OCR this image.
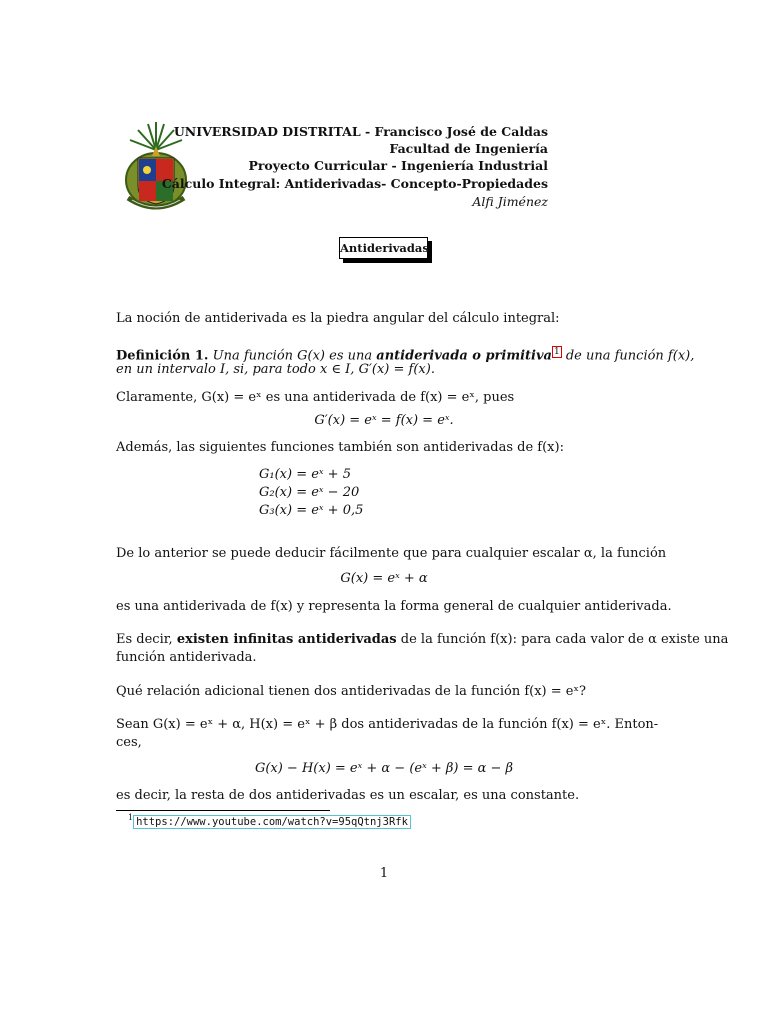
UNIVERSIDAD DISTRITAL - Francisco José de Caldas
Facultad de Ingeniería
Proyecto Curricular - Ingeniería Industrial
Cálculo Integral: Antiderivadas- Concepto-Propiedades
Alfi Jiménez
Antiderivadas
La noción de antiderivada es la piedra angular del cálculo integral:
Definición 1. Una función G(x) es una antiderivada o primitiva $^1$ de una función f(x),
en un intervalo I, si, para todo x ∈ I, G′(x) = f(x).
Claramente, G(x) = eˣ es una antiderivada de f(x) = eˣ, pues
G′(x) = eˣ = f(x) = eˣ.
Además, las siguientes funciones también son antiderivadas de f(x):
G₁(x) = eˣ + 5
G₂(x) = eˣ − 20
G₃(x) = eˣ + 0,5
De lo anterior se puede deducir fácilmente que para cualquier escalar α, la función
G(x) = eˣ + α
es una antiderivada de f(x) y representa la forma general de cualquier antiderivada.
Es decir, existen infinitas antiderivadas de la función f(x): para cada valor de α existe una
función antiderivada.
Qué relación adicional tienen dos antiderivadas de la función f(x) = eˣ?
Sean G(x) = eˣ + α, H(x) = eˣ + β dos antiderivadas de la función f(x) = eˣ. Enton-
ces,
G(x) − H(x) = eˣ + α − (eˣ + β) = α − β
es decir, la resta de dos antiderivadas es un escalar, es una constante.
$^1$ https://www.youtube.com/watch?v=95qQtnj3Rfk
1
